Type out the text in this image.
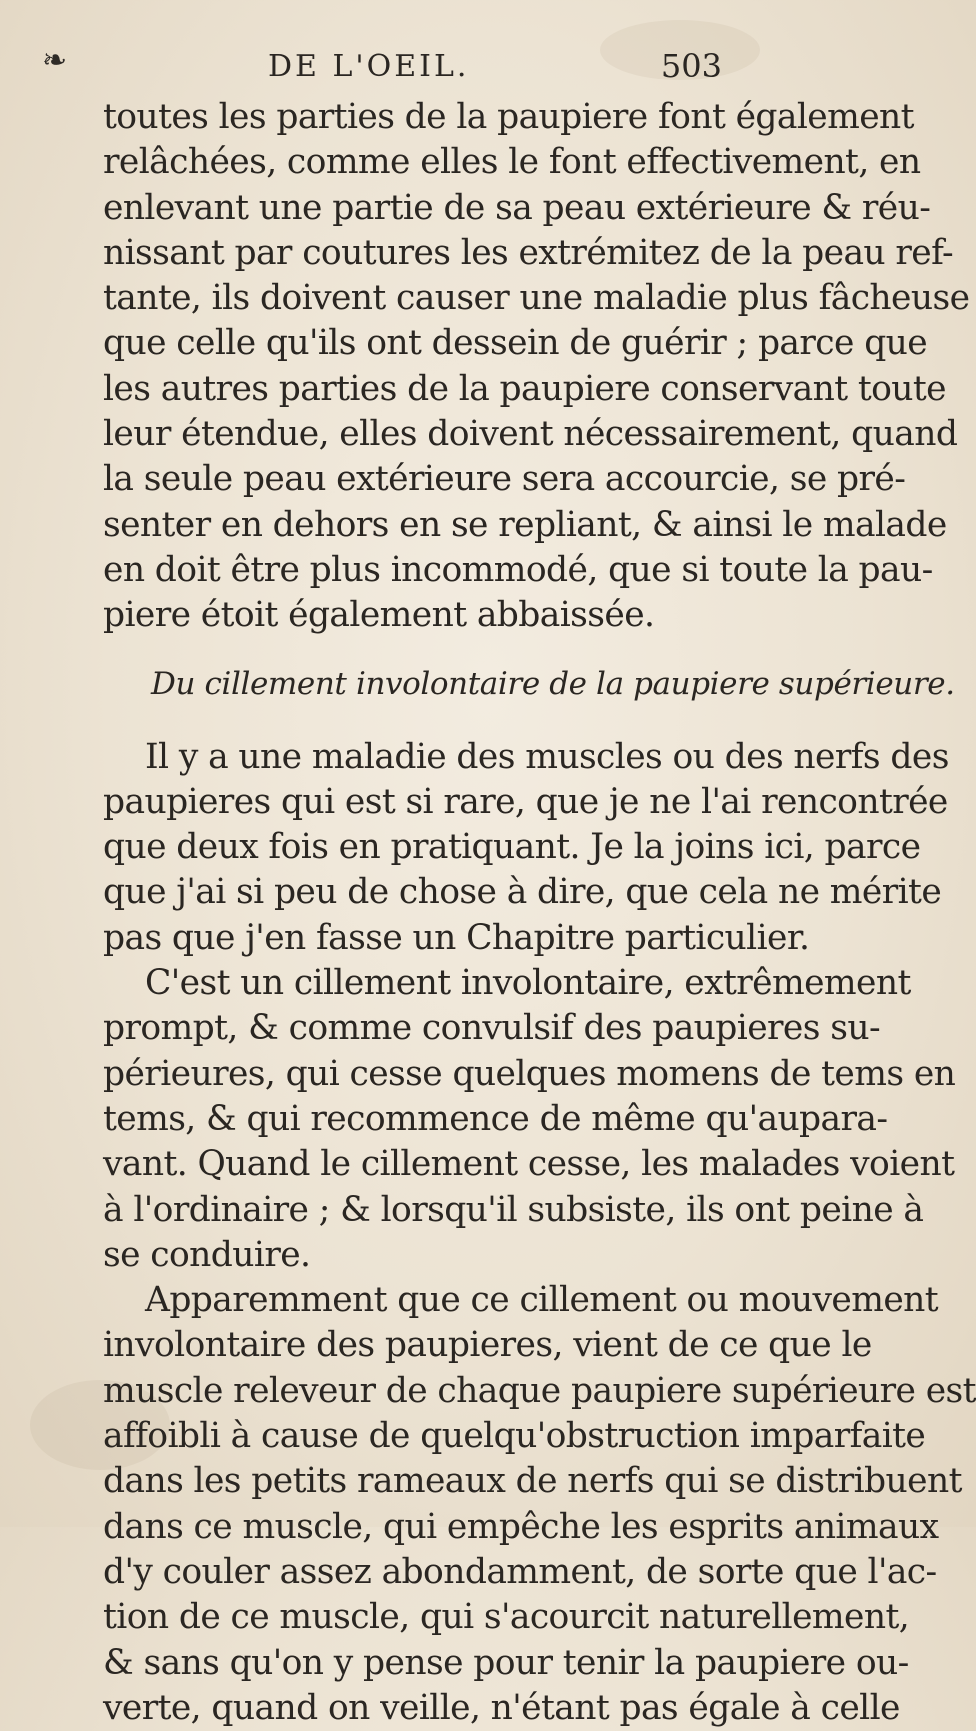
❧	DE L'OEIL.	503
toutes les parties de la paupiere font également
relâchées, comme elles le font effectivement, en
enlevant une partie de sa peau extérieure & réu-
nissant par coutures les extrémitez de la peau ref-
tante, ils doivent causer une maladie plus fâcheuse
que celle qu'ils ont dessein de guérir ; parce que
les autres parties de la paupiere conservant toute
leur étendue, elles doivent nécessairement, quand
la seule peau extérieure sera accourcie, se pré-
senter en dehors en se repliant, & ainsi le malade
en doit être plus incommodé, que si toute la pau-
piere étoit également abbaissée.
Du cillement involontaire de la paupiere supérieure.
Il y a une maladie des muscles ou des nerfs des
paupieres qui est si rare, que je ne l'ai rencontrée
que deux fois en pratiquant. Je la joins ici, parce
que j'ai si peu de chose à dire, que cela ne mérite
pas que j'en fasse un Chapitre particulier.
C'est un cillement involontaire, extrêmement
prompt, & comme convulsif des paupieres su-
périeures, qui cesse quelques momens de tems en
tems, & qui recommence de même qu'aupara-
vant. Quand le cillement cesse, les malades voient
à l'ordinaire ; & lorsqu'il subsiste, ils ont peine à
se conduire.
Apparemment que ce cillement ou mouvement
involontaire des paupieres, vient de ce que le
muscle releveur de chaque paupiere supérieure est
affoibli à cause de quelqu'obstruction imparfaite
dans les petits rameaux de nerfs qui se distribuent
dans ce muscle, qui empêche les esprits animaux
d'y couler assez abondamment, de sorte que l'ac-
tion de ce muscle, qui s'acourcit naturellement,
& sans qu'on y pense pour tenir la paupiere ou-
verte, quand on veille, n'étant pas égale à celle
